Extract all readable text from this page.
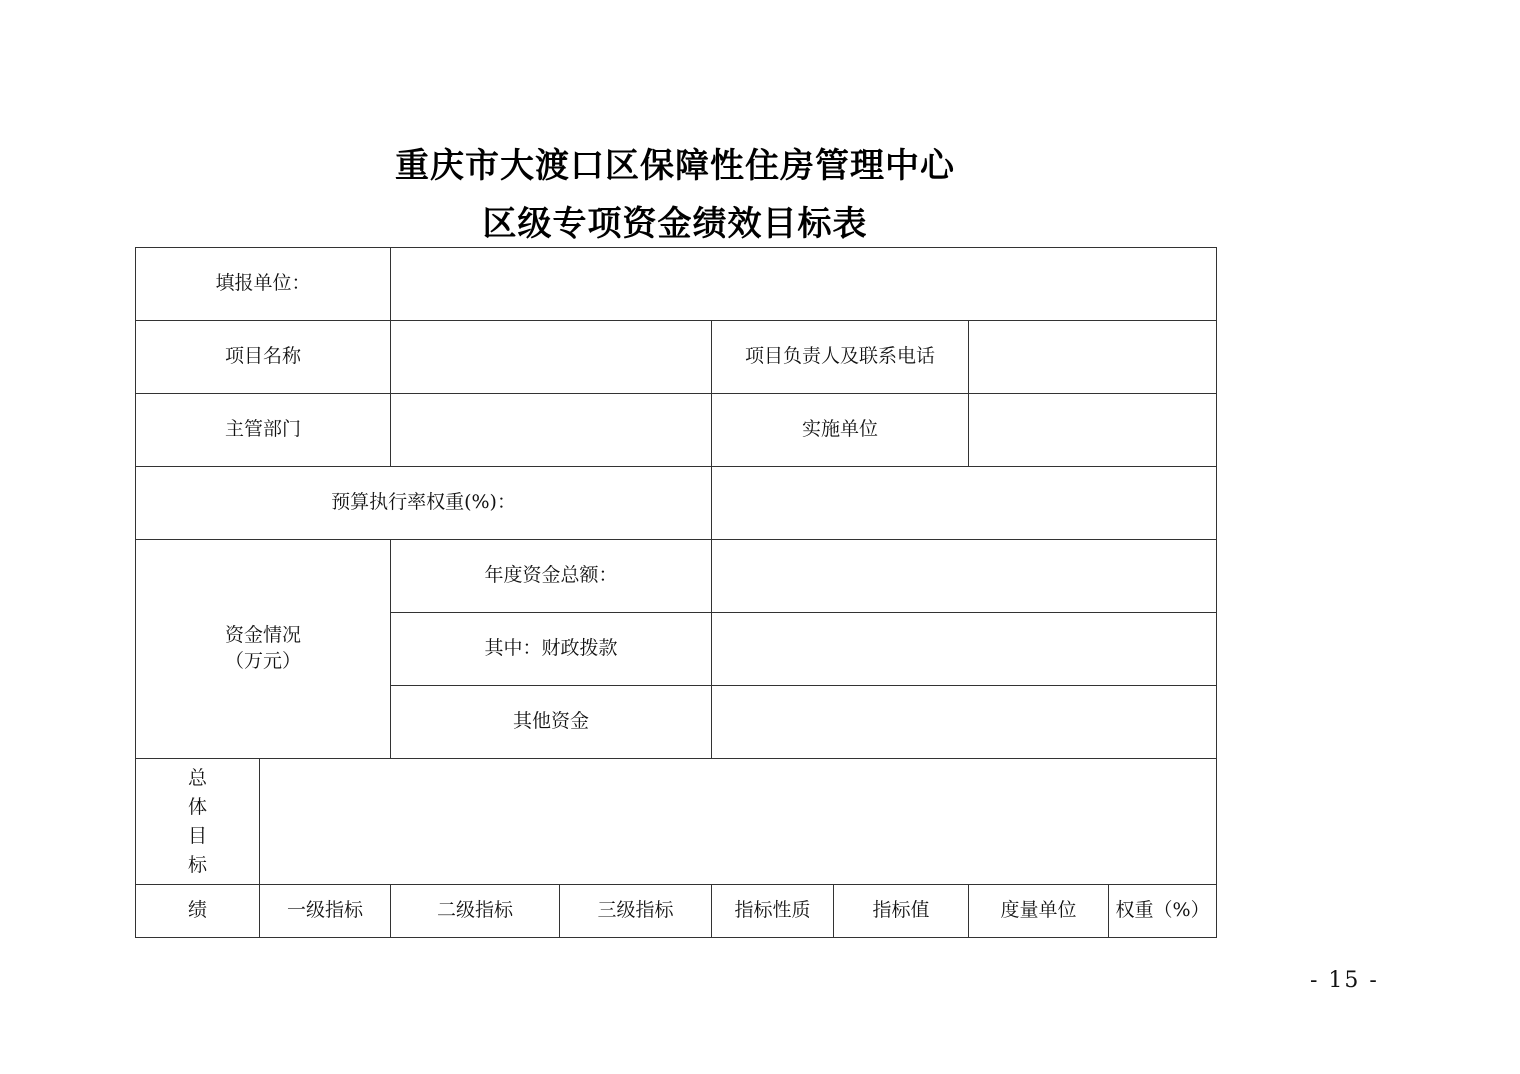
重庆市大渡口区保障性住房管理中心
区级专项资金绩效目标表
填报单位：							
项目名称				项目负责人及联系电话			
主管部门				实施单位			
预算执行率权重(%)：							

资金情况
（万元）		年度资金总额：					
		其中：财政拨款					
		其他资金					
总体目标							
绩	一级指标	二级指标	三级指标	指标性质	指标值	度量单位	权重（%）
- 15 -
